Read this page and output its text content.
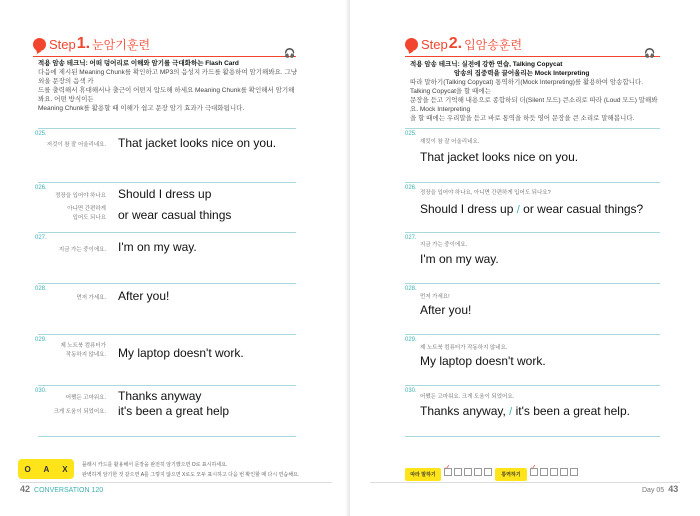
Step 1. 눈암기훈련
🎧
적용 암송 테크닉: 어떠 덩어리로 이해와 암기를 극대화하는 Flash Card
다음에 제시된 Meaning Chunk를 확인하고 MP3의 음성지 카드를 활용하여 암기해봐요. 그냥 외울 문장의 음색 카
드를 출력해서 휴대해서나 출근이 어떤지 압도해 하세요 Meaning Chunk를 확인해서 암기해봐요. 어떤 방식이든
Meaning Chunk를 활용할 때 이해가 쉽고 문장 암기 효과가 극대화됩니다.
025.
저것이 참 잘 어울리네요. That jacket looks nice on you.
026.
정장을 입어야 하나요
아니면 간편하게
입어도 되나요
Should I dress up
or wear casual things
027.
지금 가는 중이에요. I'm on my way.
028.
먼저 가세요. After you!
029.
제 노트북 컴퓨터가
작동하지 않네요. My laptop doesn't work.
030.
어쨌든 고마워요.
크게 도움이 되었어요.
Thanks anyway
it's been a great help
O A X	플래시 카드를 활용해서 문장을 완전히 암기했으면 O로 표시하세요.
완벽하게 암기한 것 같으면 A를 그렇지 않으면 X로도 모두 표시하고 다음 번 확인할 때 다시 연습해요.
42 CONVERSATION 120
Step 2. 입암송훈련
🎧
적용 암송 테크닉: 실전에 강한 연습, Talking Copycat
암송의 집중력을 끌어올리는 Mock Interpreting
따라 말하기(Talking Copycat) 통역하기(Mock Interpreting)를 활용하여 암송합니다. Talking Copycat을 할 때에는
문장을 듣고 기억해 내용으로 종합하되 더(Silent 모드) 큰소리로 따라 (Loud 모드) 말해봐요. Mock Interpreting
을 할 때에는 우리말을 듣고 바로 통역을 하듯 영어 문장을 큰 소리로 말해봅니다.
025.
재킷이 참 잘 어울리네요.
That jacket looks nice on you.
026.
정장을 입어야 하나요, 아니면 간편하게 입어도 되나요?
Should I dress up / or wear casual things?
027.
지금 가는 중이에요.
I'm on my way.
028.
먼저 가세요!
After you!
029.
제 노트북 컴퓨터가 작동하지 않네요.
My laptop doesn't work.
030.
어쨌든 고마워요. 크게 도움이 되었어요.
Thanks anyway, / it's been a great help.
따라 말하기
✓
통역하기
✓
Day 05 43
